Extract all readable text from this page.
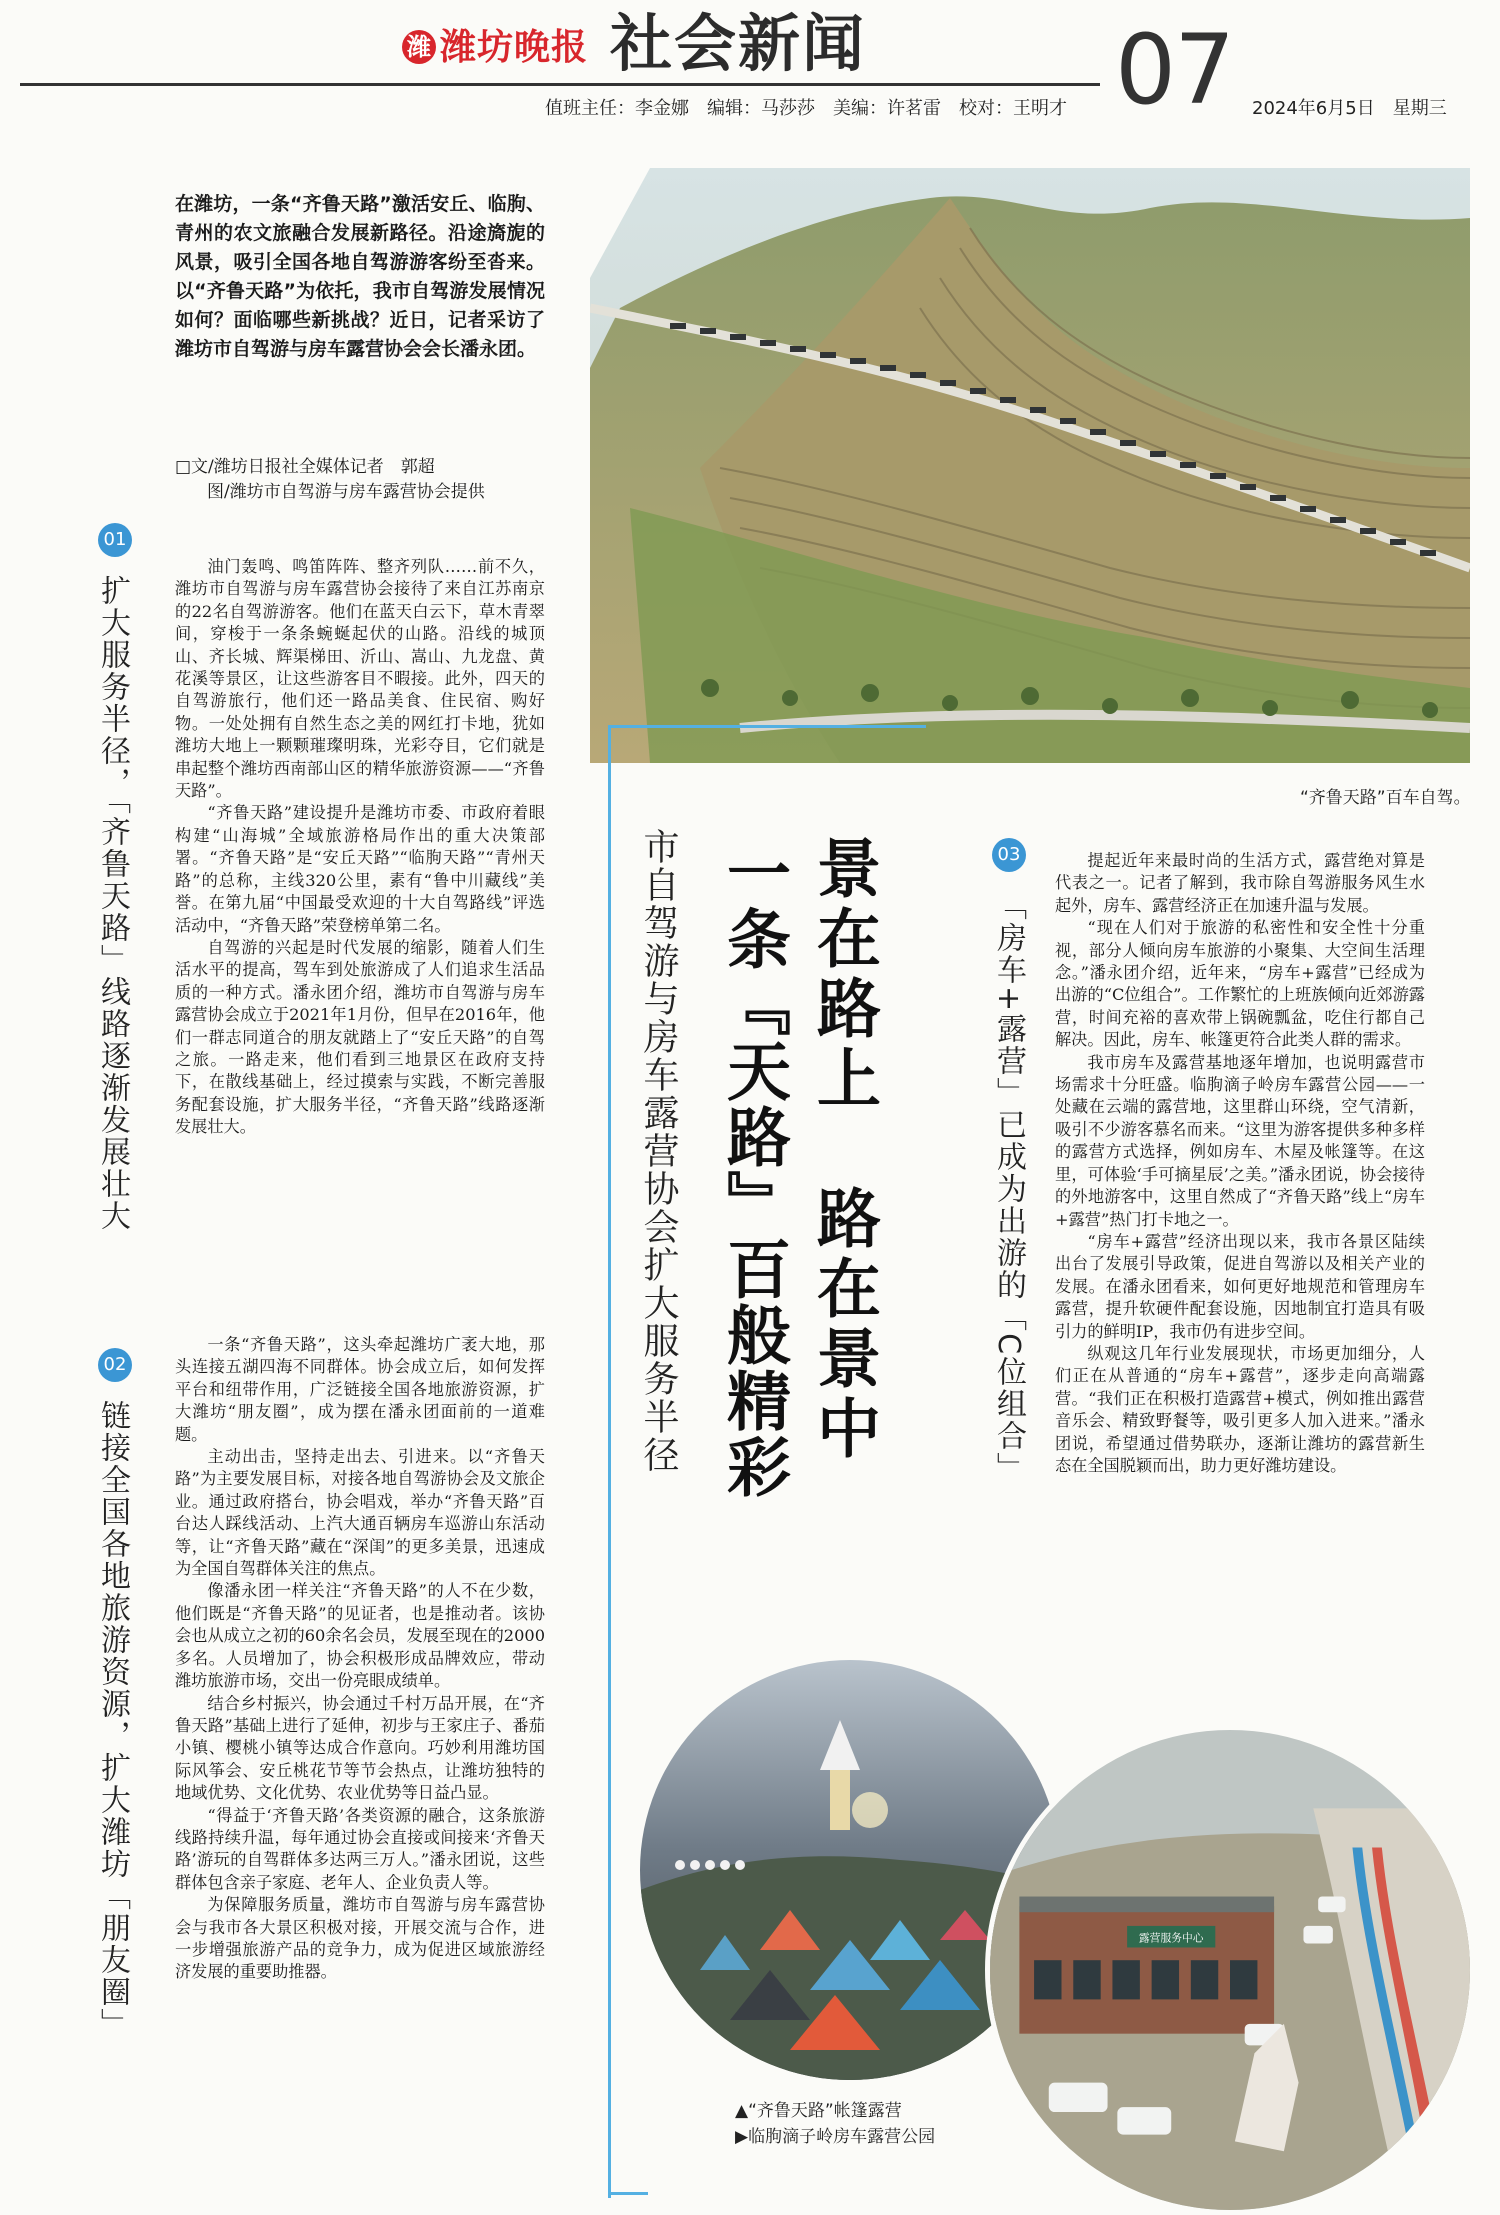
潍 潍坊晚报 社会新闻	07
值班主任：李金娜　编辑：马莎莎　美编：许茗雷　校对：王明才	2024年6月5日　星期三
在潍坊，一条“齐鲁天路”激活安丘、临朐、青州的农文旅融合发展新路径。沿途旖旎的风景，吸引全国各地自驾游游客纷至沓来。以“齐鲁天路”为依托，我市自驾游发展情况如何？面临哪些新挑战？近日，记者采访了潍坊市自驾游与房车露营协会会长潘永团。
□文/潍坊日报社全媒体记者　郭超
图/潍坊市自驾游与房车露营协会提供
“齐鲁天路”百车自驾。
景在路上　路在景中
一条『天路』百般精彩
市自驾游与房车露营协会扩大服务半径
01
扩大服务半径，「齐鲁天路」线路逐渐发展壮大

油门轰鸣、鸣笛阵阵、整齐列队……前不久，潍坊市自驾游与房车露营协会接待了来自江苏南京的22名自驾游游客。他们在蓝天白云下，草木青翠间，穿梭于一条条蜿蜒起伏的山路。沿线的城顶山、齐长城、辉渠梯田、沂山、嵩山、九龙盘、黄花溪等景区，让这些游客目不暇接。此外，四天的自驾游旅行，他们还一路品美食、住民宿、购好物。一处处拥有自然生态之美的网红打卡地，犹如潍坊大地上一颗颗璀璨明珠，光彩夺目，它们就是串起整个潍坊西南部山区的精华旅游资源——“齐鲁天路”。

“齐鲁天路”建设提升是潍坊市委、市政府着眼构建“山海城”全域旅游格局作出的重大决策部署。“齐鲁天路”是“安丘天路”“临朐天路”“青州天路”的总称，主线320公里，素有“鲁中川藏线”美誉。在第九届“中国最受欢迎的十大自驾路线”评选活动中，“齐鲁天路”荣登榜单第二名。

自驾游的兴起是时代发展的缩影，随着人们生活水平的提高，驾车到处旅游成了人们追求生活品质的一种方式。潘永团介绍，潍坊市自驾游与房车露营协会成立于2021年1月份，但早在2016年，他们一群志同道合的朋友就踏上了“安丘天路”的自驾之旅。一路走来，他们看到三地景区在政府支持下，在散线基础上，经过摸索与实践，不断完善服务配套设施，扩大服务半径，“齐鲁天路”线路逐渐发展壮大。

02
链接全国各地旅游资源，扩大潍坊「朋友圈」

一条“齐鲁天路”，这头牵起潍坊广袤大地，那头连接五湖四海不同群体。协会成立后，如何发挥平台和纽带作用，广泛链接全国各地旅游资源，扩大潍坊“朋友圈”，成为摆在潘永团面前的一道难题。

主动出击，坚持走出去、引进来。以“齐鲁天路”为主要发展目标，对接各地自驾游协会及文旅企业。通过政府搭台，协会唱戏，举办“齐鲁天路”百台达人踩线活动、上汽大通百辆房车巡游山东活动等，让“齐鲁天路”藏在“深闺”的更多美景，迅速成为全国自驾群体关注的焦点。

像潘永团一样关注“齐鲁天路”的人不在少数，他们既是“齐鲁天路”的见证者，也是推动者。该协会也从成立之初的60余名会员，发展至现在的2000多名。人员增加了，协会积极形成品牌效应，带动潍坊旅游市场，交出一份亮眼成绩单。

结合乡村振兴，协会通过千村万品开展，在“齐鲁天路”基础上进行了延伸，初步与王家庄子、番茄小镇、樱桃小镇等达成合作意向。巧妙利用潍坊国际风筝会、安丘桃花节等节会热点，让潍坊独特的地域优势、文化优势、农业优势等日益凸显。

“得益于‘齐鲁天路’各类资源的融合，这条旅游线路持续升温，每年通过协会直接或间接来‘齐鲁天路’游玩的自驾群体多达两三万人。”潘永团说，这些群体包含亲子家庭、老年人、企业负责人等。

为保障服务质量，潍坊市自驾游与房车露营协会与我市各大景区积极对接，开展交流与合作，进一步增强旅游产品的竞争力，成为促进区域旅游经济发展的重要助推器。

03
「房车+露营」已成为出游的「C位组合」

提起近年来最时尚的生活方式，露营绝对算是代表之一。记者了解到，我市除自驾游服务风生水起外，房车、露营经济正在加速升温与发展。

“现在人们对于旅游的私密性和安全性十分重视，部分人倾向房车旅游的小聚集、大空间生活理念。”潘永团介绍，近年来，“房车+露营”已经成为出游的“C位组合”。工作繁忙的上班族倾向近郊游露营，时间充裕的喜欢带上锅碗瓢盆，吃住行都自己解决。因此，房车、帐篷更符合此类人群的需求。

我市房车及露营基地逐年增加，也说明露营市场需求十分旺盛。临朐滴子岭房车露营公园——一处藏在云端的露营地，这里群山环绕，空气清新，吸引不少游客慕名而来。“这里为游客提供多种多样的露营方式选择，例如房车、木屋及帐篷等。在这里，可体验‘手可摘星辰’之美。”潘永团说，协会接待的外地游客中，这里自然成了“齐鲁天路”线上“房车+露营”热门打卡地之一。

“房车+露营”经济出现以来，我市各景区陆续出台了发展引导政策，促进自驾游以及相关产业的发展。在潘永团看来，如何更好地规范和管理房车露营，提升软硬件配套设施，因地制宜打造具有吸引力的鲜明IP，我市仍有进步空间。

纵观这几年行业发展现状，市场更加细分，人们正在从普通的“房车+露营”，逐步走向高端露营。“我们正在积极打造露营+模式，例如推出露营音乐会、精致野餐等，吸引更多人加入进来。”潘永团说，希望通过借势联办，逐渐让潍坊的露营新生态在全国脱颖而出，助力更好潍坊建设。

露营服务中心
▲“齐鲁天路”帐篷露营
▶临朐滴子岭房车露营公园
